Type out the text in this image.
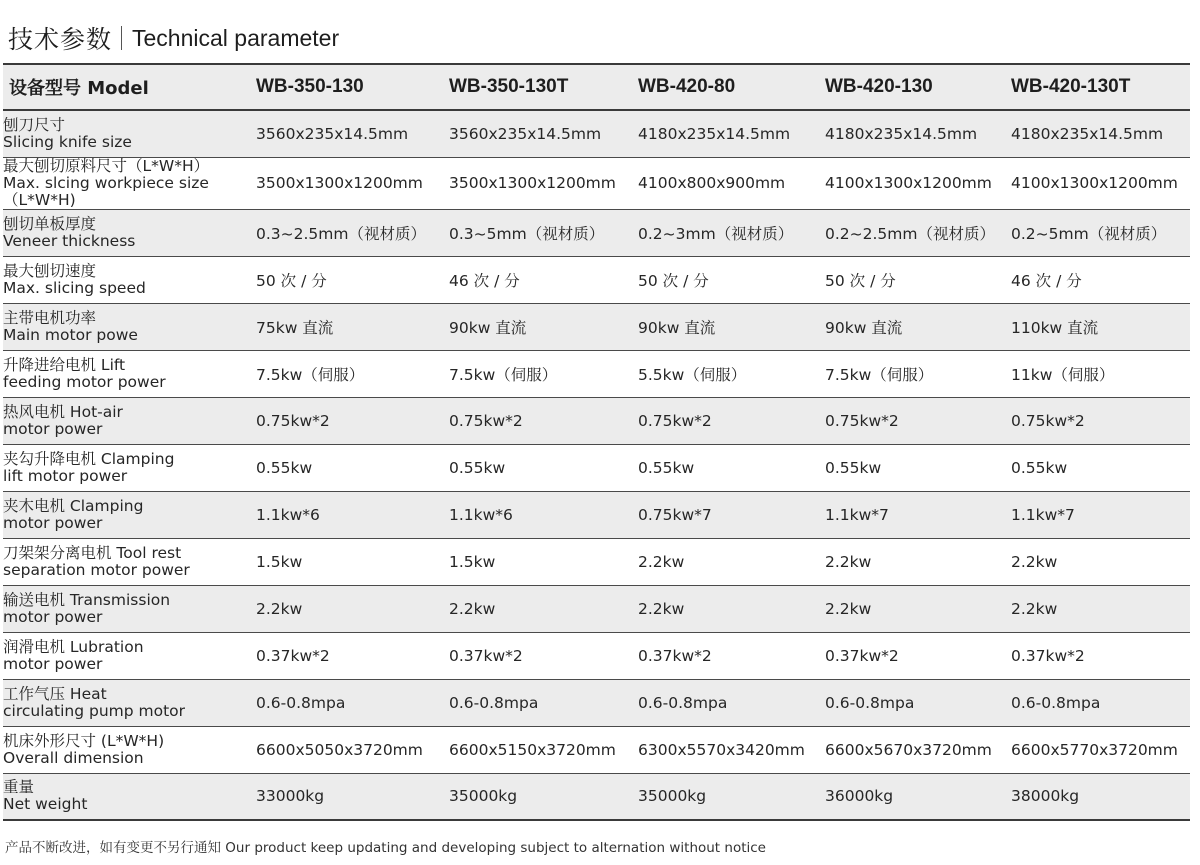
技术参数 Technical parameter
设备型号 Model	WB-350-130	WB-350-130T	WB-420-80	WB-420-130	WB-420-130T

刨刀尺寸
Slicing knife size	3560x235x14.5mm	3560x235x14.5mm	4180x235x14.5mm	4180x235x14.5mm	4180x235x14.5mm

最大刨切原料尺寸（L*W*H）
Max. slcing workpiece size
（L*W*H)	3500x1300x1200mm	3500x1300x1200mm	4100x800x900mm	4100x1300x1200mm	4100x1300x1200mm

刨切单板厚度
Veneer thickness	0.3~2.5mm（视材质）	0.3~5mm（视材质）	0.2~3mm（视材质）	0.2~2.5mm（视材质）	0.2~5mm（视材质）

最大刨切速度
Max. slicing speed	50 次 / 分	46 次 / 分	50 次 / 分	50 次 / 分	46 次 / 分

主带电机功率
Main motor powe	75kw 直流	90kw 直流	90kw 直流	90kw 直流	110kw 直流

升降进给电机 Lift
feeding motor power	7.5kw（伺服）	7.5kw（伺服）	5.5kw（伺服）	7.5kw（伺服）	11kw（伺服）

热风电机 Hot-air
motor power	0.75kw*2	0.75kw*2	0.75kw*2	0.75kw*2	0.75kw*2

夹勾升降电机 Clamping
lift motor power	0.55kw	0.55kw	0.55kw	0.55kw	0.55kw

夹木电机 Clamping
motor power	1.1kw*6	1.1kw*6	0.75kw*7	1.1kw*7	1.1kw*7

刀架架分离电机 Tool rest
separation motor power	1.5kw	1.5kw	2.2kw	2.2kw	2.2kw

输送电机 Transmission
motor power	2.2kw	2.2kw	2.2kw	2.2kw	2.2kw

润滑电机 Lubration
motor power	0.37kw*2	0.37kw*2	0.37kw*2	0.37kw*2	0.37kw*2

工作气压 Heat
circulating pump motor	0.6-0.8mpa	0.6-0.8mpa	0.6-0.8mpa	0.6-0.8mpa	0.6-0.8mpa

机床外形尺寸 (L*W*H)
Overall dimension	6600x5050x3720mm	6600x5150x3720mm	6300x5570x3420mm	6600x5670x3720mm	6600x5770x3720mm

重量
Net weight	33000kg	35000kg	35000kg	36000kg	38000kg
产品不断改进，如有变更不另行通知 Our product keep updating and developing subject to alternation without notice
